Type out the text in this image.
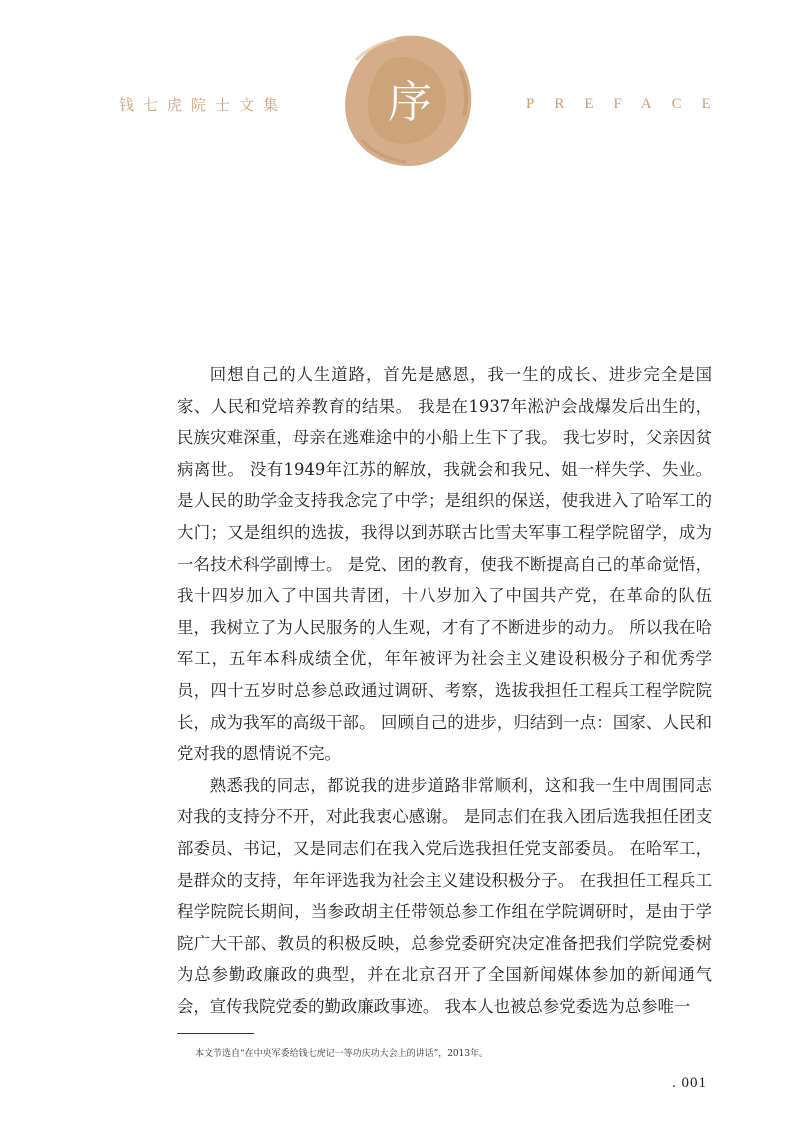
钱七虎院士文集	序	PREFACE

回想自己的人生道路，首先是感恩，我一生的成长、进步完全是国家、人民和党培养教育的结果。 我是在1937年淞沪会战爆发后出生的，民族灾难深重，母亲在逃难途中的小船上生下了我。 我七岁时，父亲因贫病离世。 没有1949年江苏的解放，我就会和我兄、姐一样失学、失业。是人民的助学金支持我念完了中学；是组织的保送，使我进入了哈军工的大门；又是组织的选拔，我得以到苏联古比雪夫军事工程学院留学，成为一名技术科学副博士。 是党、团的教育，使我不断提高自己的革命觉悟，我十四岁加入了中国共青团，十八岁加入了中国共产党，在革命的队伍里，我树立了为人民服务的人生观，才有了不断进步的动力。 所以我在哈军工，五年本科成绩全优，年年被评为社会主义建设积极分子和优秀学员，四十五岁时总参总政通过调研、考察，选拔我担任工程兵工程学院院长，成为我军的高级干部。 回顾自己的进步，归结到一点：国家、人民和党对我的恩情说不完。

熟悉我的同志，都说我的进步道路非常顺利，这和我一生中周围同志对我的支持分不开，对此我衷心感谢。 是同志们在我入团后选我担任团支部委员、书记，又是同志们在我入党后选我担任党支部委员。 在哈军工，是群众的支持，年年评选我为社会主义建设积极分子。 在我担任工程兵工程学院院长期间，当参政胡主任带领总参工作组在学院调研时，是由于学院广大干部、教员的积极反映，总参党委研究决定准备把我们学院党委树为总参勤政廉政的典型，并在北京召开了全国新闻媒体参加的新闻通气会，宣传我院党委的勤政廉政事迹。 我本人也被总参党委选为总参唯一

本文节选自“在中央军委给钱七虎记一等功庆功大会上的讲话”，2013年。
. 001
